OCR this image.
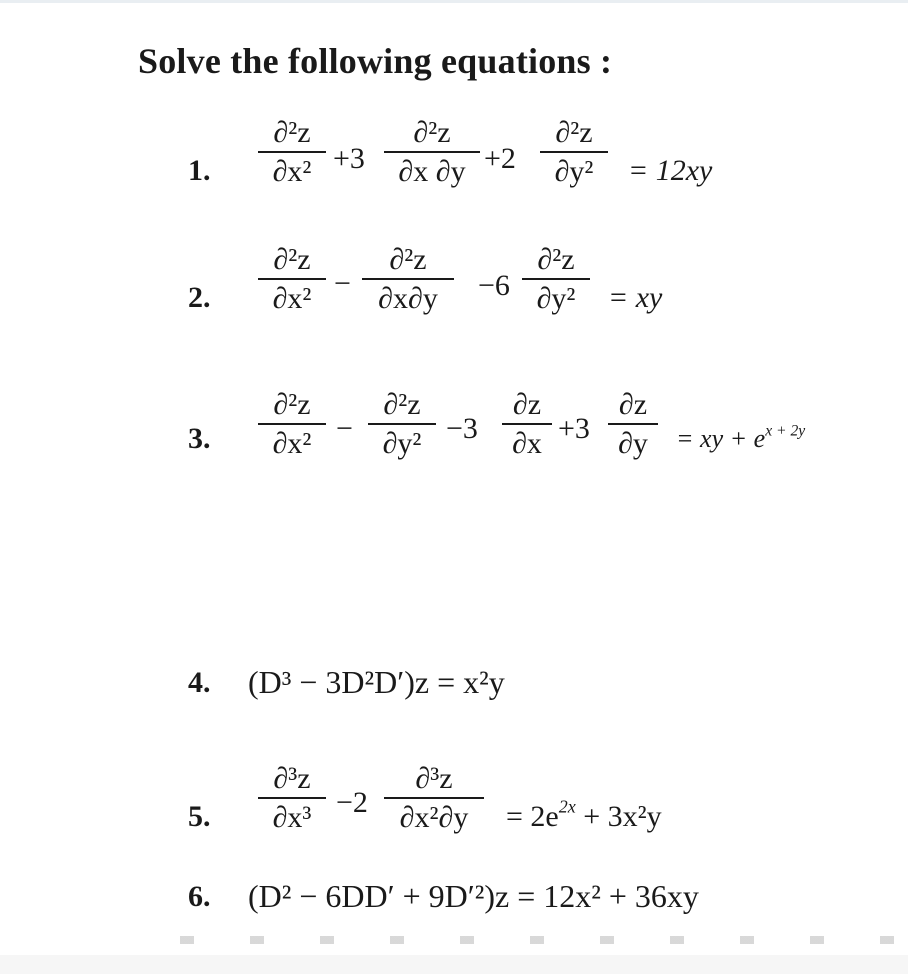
Solve the following equations :
1.
∂²z
∂x² +3
∂²z
∂x ∂y +2
∂²z
∂y²	= 12xy
2.
∂²z
∂x² −
∂²z
∂x∂y	−6
∂²z
∂y²	= xy
3.
∂²z
∂x² −
∂²z
∂y² −3
∂z
∂x +3
∂z
∂y	= xy + $e^{x + 2y}$
4. (D³ − 3D²D′)z = x²y
5.
∂³z
∂x³ −2
∂³z
∂x²∂y	= $2e^{2x} + 3x^2y$
6. (D² − 6DD′ + 9D′²)z = 12x² + 36xy
